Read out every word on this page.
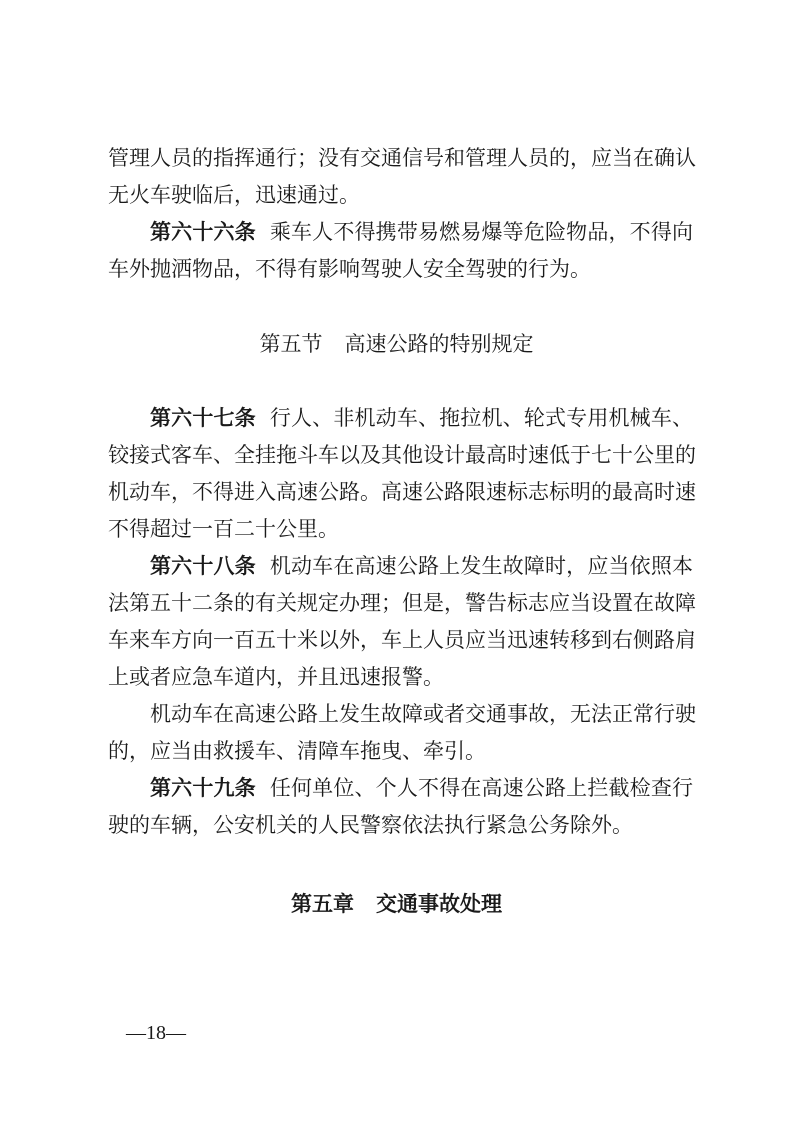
管理人员的指挥通行；没有交通信号和管理人员的，应当在确认
无火车驶临后，迅速通过。
第六十六条 乘车人不得携带易燃易爆等危险物品，不得向
车外抛洒物品，不得有影响驾驶人安全驾驶的行为。
第五节 高速公路的特别规定
第六十七条 行人、非机动车、拖拉机、轮式专用机械车、
铰接式客车、全挂拖斗车以及其他设计最高时速低于七十公里的
机动车，不得进入高速公路。高速公路限速标志标明的最高时速
不得超过一百二十公里。
第六十八条 机动车在高速公路上发生故障时，应当依照本
法第五十二条的有关规定办理；但是，警告标志应当设置在故障
车来车方向一百五十米以外，车上人员应当迅速转移到右侧路肩
上或者应急车道内，并且迅速报警。
机动车在高速公路上发生故障或者交通事故，无法正常行驶
的，应当由救援车、清障车拖曳、牵引。
第六十九条 任何单位、个人不得在高速公路上拦截检查行
驶的车辆，公安机关的人民警察依法执行紧急公务除外。
第五章 交通事故处理
—18—
